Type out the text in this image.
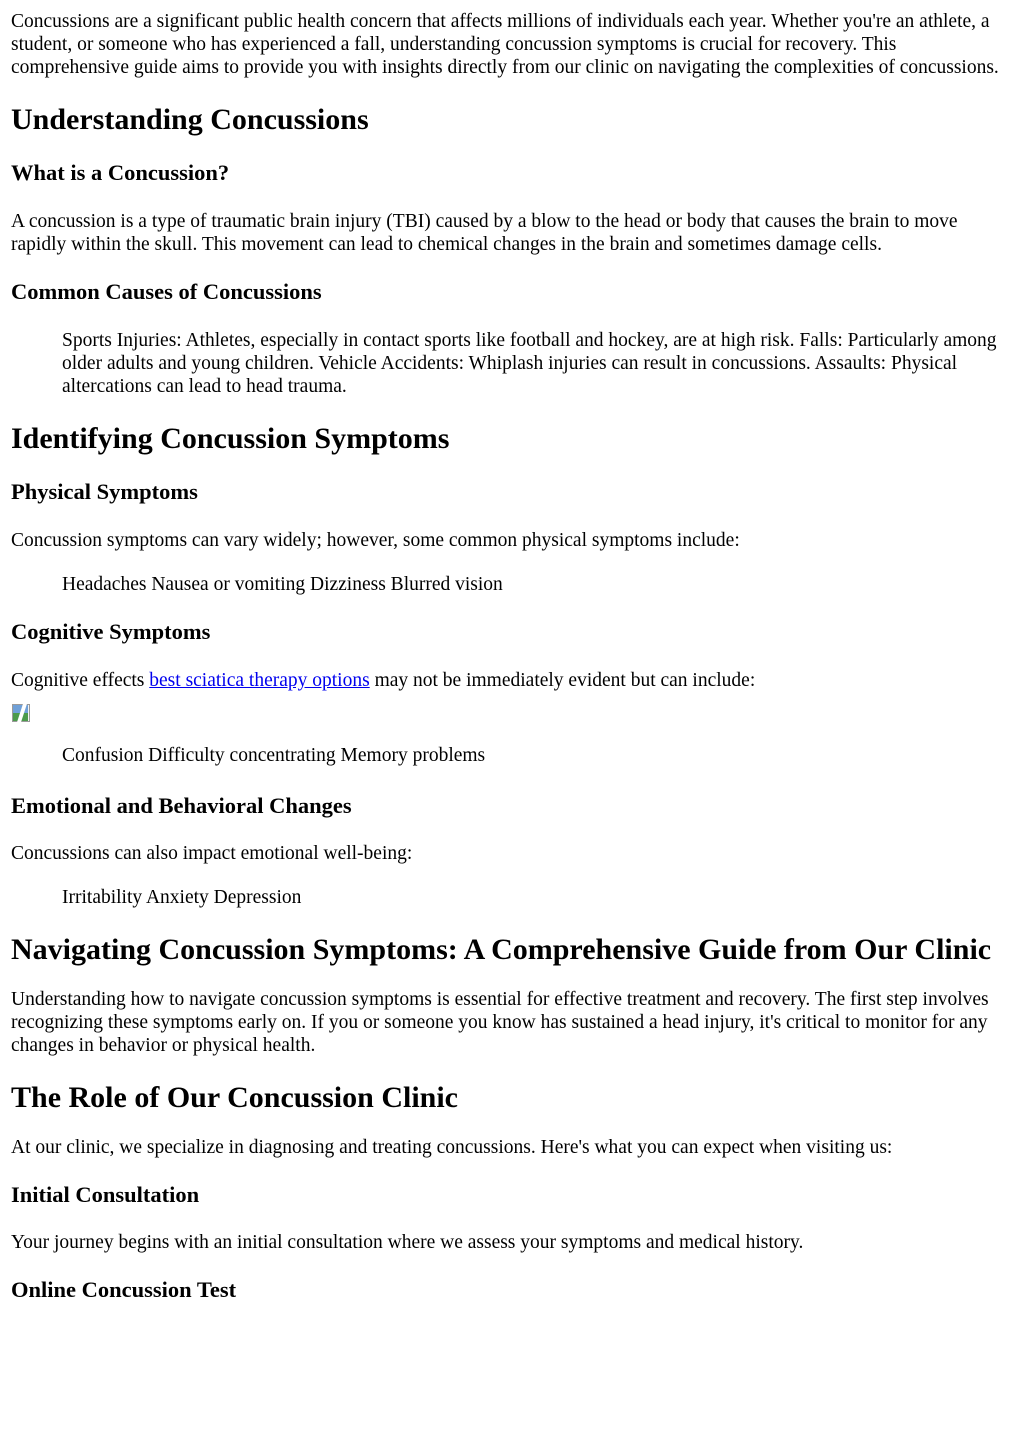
Concussions are a significant public health concern that affects millions of individuals each year. Whether you're an athlete, a student, or someone who has experienced a fall, understanding concussion symptoms is crucial for recovery. This comprehensive guide aims to provide you with insights directly from our clinic on navigating the complexities of concussions.

Understanding Concussions
What is a Concussion?

A concussion is a type of traumatic brain injury (TBI) caused by a blow to the head or body that causes the brain to move rapidly within the skull. This movement can lead to chemical changes in the brain and sometimes damage cells.

Common Causes of Concussions

Sports Injuries: Athletes, especially in contact sports like football and hockey, are at high risk. Falls: Particularly among older adults and young children. Vehicle Accidents: Whiplash injuries can result in concussions. Assaults: Physical altercations can lead to head trauma.

Identifying Concussion Symptoms
Physical Symptoms

Concussion symptoms can vary widely; however, some common physical symptoms include:

Headaches Nausea or vomiting Dizziness Blurred vision

Cognitive Symptoms

Cognitive effects best sciatica therapy options may not be immediately evident but can include:

Confusion Difficulty concentrating Memory problems

Emotional and Behavioral Changes

Concussions can also impact emotional well-being:

Irritability Anxiety Depression

Navigating Concussion Symptoms: A Comprehensive Guide from Our Clinic

Understanding how to navigate concussion symptoms is essential for effective treatment and recovery. The first step involves recognizing these symptoms early on. If you or someone you know has sustained a head injury, it's critical to monitor for any changes in behavior or physical health.

The Role of Our Concussion Clinic

At our clinic, we specialize in diagnosing and treating concussions. Here's what you can expect when visiting us:

Initial Consultation

Your journey begins with an initial consultation where we assess your symptoms and medical history.

Online Concussion Test
